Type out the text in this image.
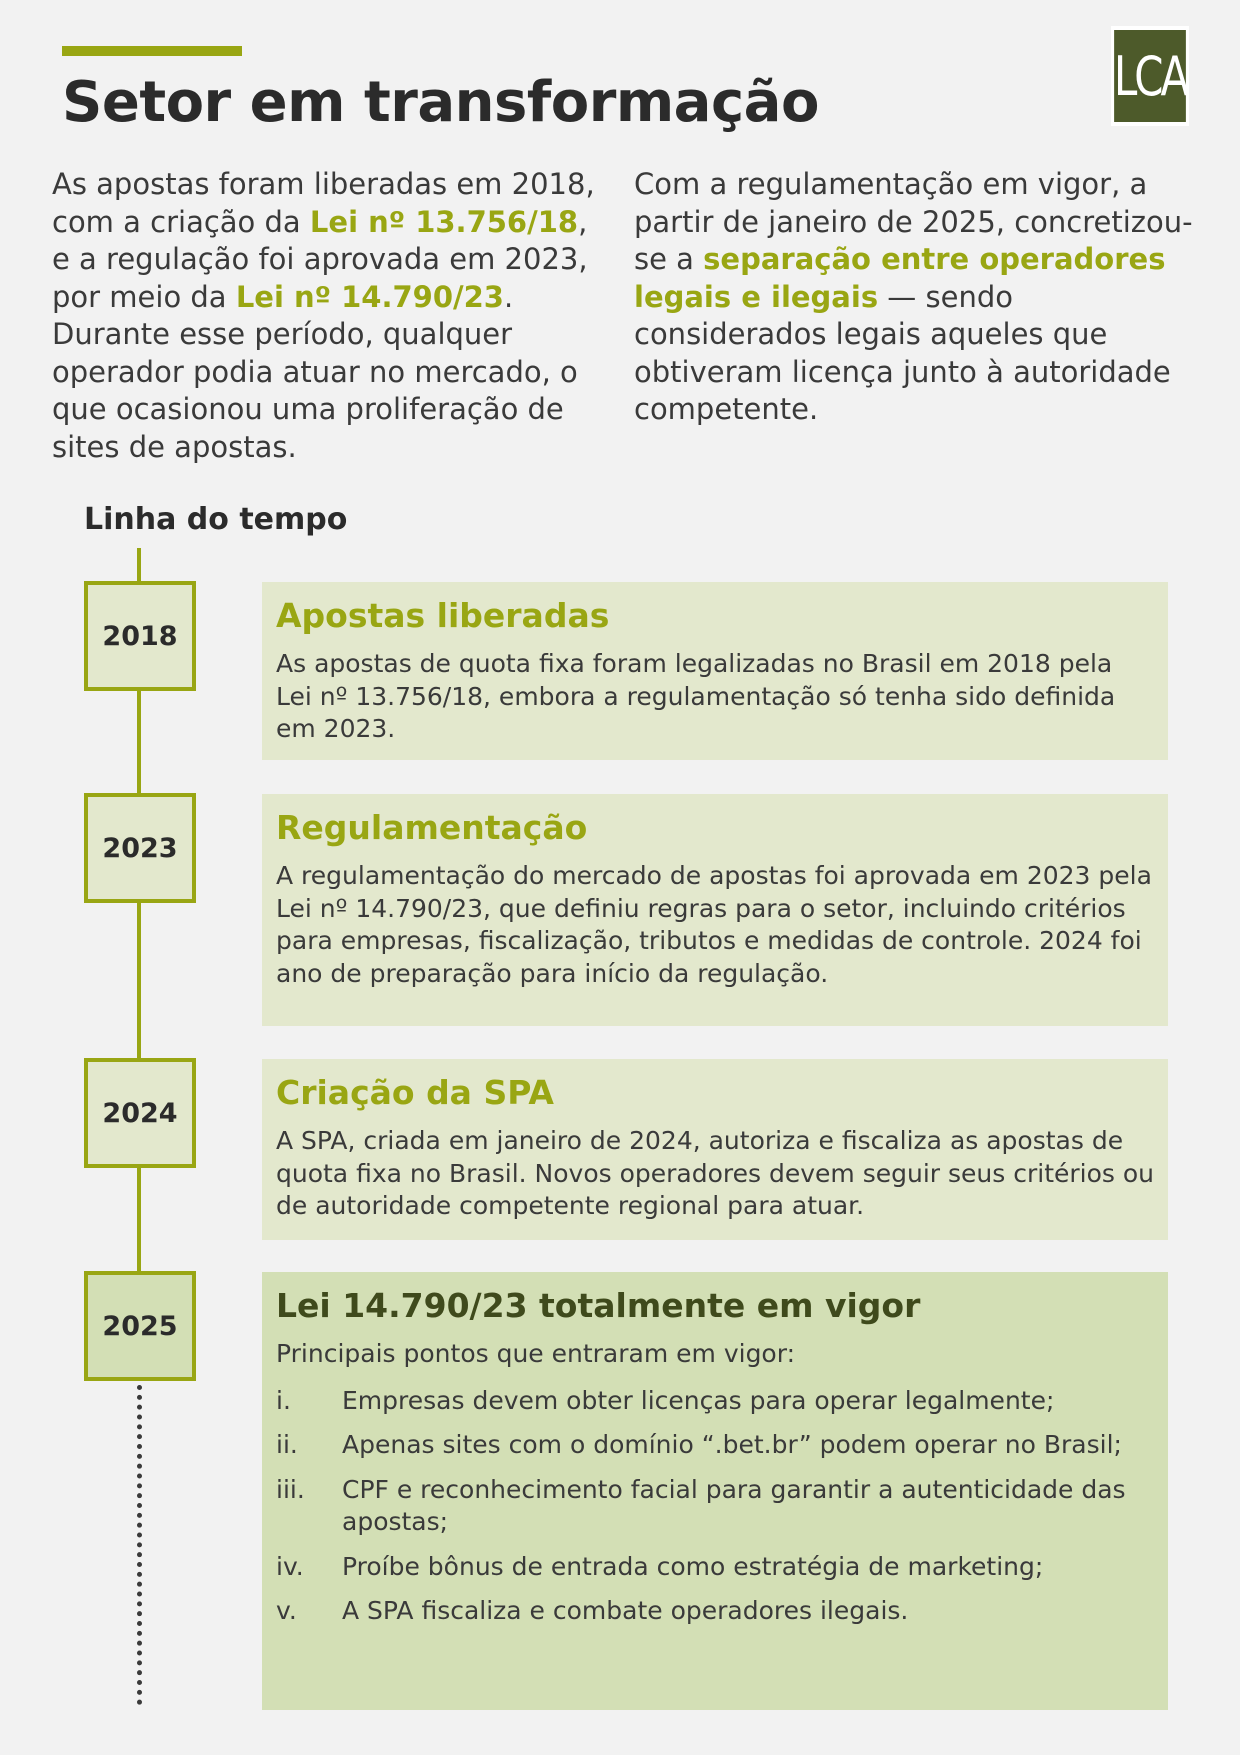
Setor em transformação	LCA
As apostas foram liberadas em 2018, com a criação da Lei nº 13.756/18, e a regulação foi aprovada em 2023, por meio da Lei nº 14.790/23. Durante esse período, qualquer operador podia atuar no mercado, o que ocasionou uma proliferação de sites de apostas.
Com a regulamentação em vigor, a partir de janeiro de 2025, concretizou-se a separação entre operadores legais e ilegais — sendo considerados legais aqueles que obtiveram licença junto à autoridade competente.
Linha do tempo
2018
2023
2024
2025
Apostas liberadas

As apostas de quota fixa foram legalizadas no Brasil em 2018 pela Lei nº 13.756/18, embora a regulamentação só tenha sido definida em 2023.

Regulamentação

A regulamentação do mercado de apostas foi aprovada em 2023 pela Lei nº 14.790/23, que definiu regras para o setor, incluindo critérios para empresas, fiscalização, tributos e medidas de controle. 2024 foi ano de preparação para início da regulação.

Criação da SPA

A SPA, criada em janeiro de 2024, autoriza e fiscaliza as apostas de quota fixa no Brasil. Novos operadores devem seguir seus critérios ou de autoridade competente regional para atuar.

Lei 14.790/23 totalmente em vigor

Principais pontos que entraram em vigor:

i.	Empresas devem obter licenças para operar legalmente;
ii.	Apenas sites com o domínio “.bet.br” podem operar no Brasil;
iii.	CPF e reconhecimento facial para garantir a autenticidade das apostas;
iv.	Proíbe bônus de entrada como estratégia de marketing;
v.	A SPA fiscaliza e combate operadores ilegais.
